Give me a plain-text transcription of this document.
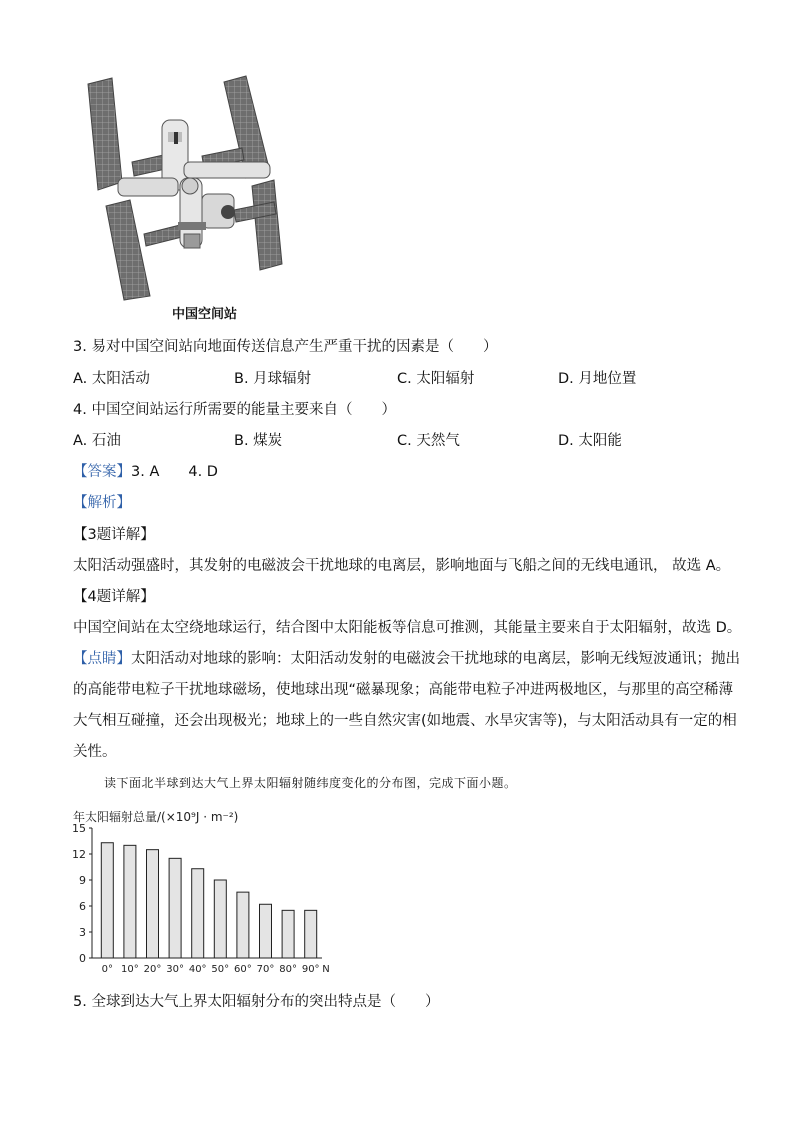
中国空间站
3. 易对中国空间站向地面传送信息产生严重干扰的因素是（　　）
A. 太阳活动	B. 月球辐射	C. 太阳辐射	D. 月地位置
4. 中国空间站运行所需要的能量主要来自（　　）
A. 石油	B. 煤炭	C. 天然气	D. 太阳能
【答案】3. A　　4. D
【解析】
【3题详解】
太阳活动强盛时，其发射的电磁波会干扰地球的电离层，影响地面与飞船之间的无线电通讯， 故选 A。
【4题详解】
中国空间站在太空绕地球运行，结合图中太阳能板等信息可推测，其能量主要来自于太阳辐射，故选 D。
【点睛】太阳活动对地球的影响：太阳活动发射的电磁波会干扰地球的电离层，影响无线短波通讯；抛出
的高能带电粒子干扰地球磁场，使地球出现“磁暴现象；高能带电粒子冲进两极地区，与那里的高空稀薄
大气相互碰撞，还会出现极光；地球上的一些自然灾害(如地震、水旱灾害等)，与太阳活动具有一定的相
关性。
读下面北半球到达大气上界太阳辐射随纬度变化的分布图，完成下面小题。
年太阳辐射总量/(×10⁹J · m⁻²)
0
3
6
9
12
15
0° 10° 20° 30° 40° 50° 60° 70° 80° 90° N
5. 全球到达大气上界太阳辐射分布的突出特点是（　　）
